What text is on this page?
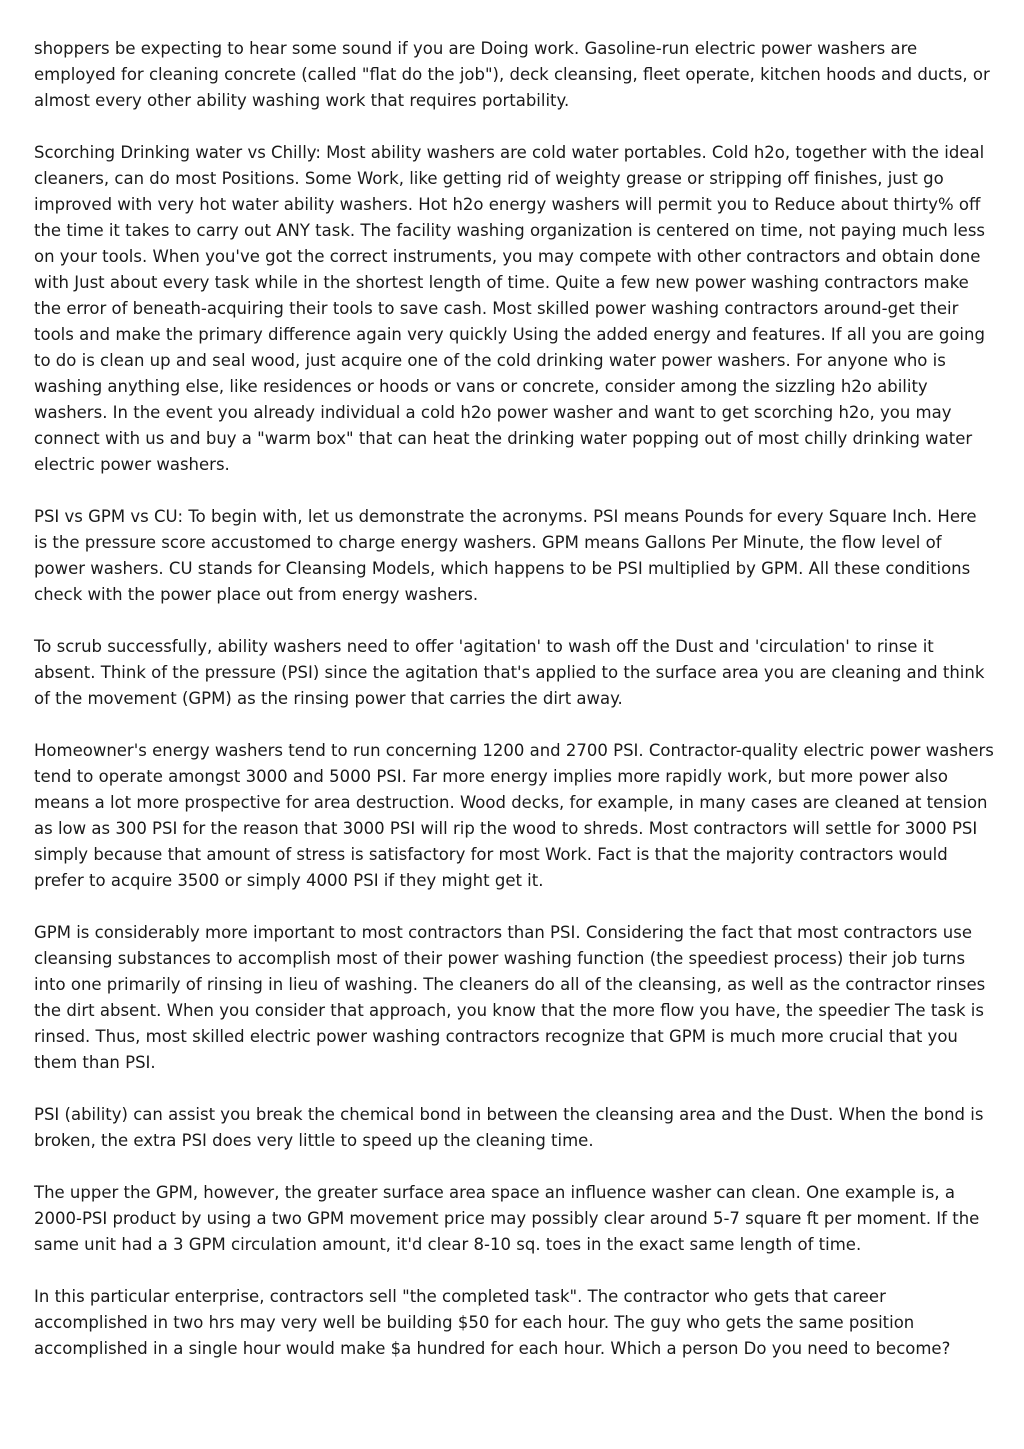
shoppers be expecting to hear some sound if you are Doing work. Gasoline-run electric power washers are employed for cleaning concrete (called "flat do the job"), deck cleansing, fleet operate, kitchen hoods and ducts, or almost every other ability washing work that requires portability.

Scorching Drinking water vs Chilly: Most ability washers are cold water portables. Cold h2o, together with the ideal cleaners, can do most Positions. Some Work, like getting rid of weighty grease or stripping off finishes, just go improved with very hot water ability washers. Hot h2o energy washers will permit you to Reduce about thirty% off the time it takes to carry out ANY task. The facility washing organization is centered on time, not paying much less on your tools. When you've got the correct instruments, you may compete with other contractors and obtain done with Just about every task while in the shortest length of time. Quite a few new power washing contractors make the error of beneath-acquiring their tools to save cash. Most skilled power washing contractors around-get their tools and make the primary difference again very quickly Using the added energy and features. If all you are going to do is clean up and seal wood, just acquire one of the cold drinking water power washers. For anyone who is washing anything else, like residences or hoods or vans or concrete, consider among the sizzling h2o ability washers. In the event you already individual a cold h2o power washer and want to get scorching h2o, you may connect with us and buy a "warm box" that can heat the drinking water popping out of most chilly drinking water electric power washers.

PSI vs GPM vs CU: To begin with, let us demonstrate the acronyms. PSI means Pounds for every Square Inch. Here is the pressure score accustomed to charge energy washers. GPM means Gallons Per Minute, the flow level of power washers. CU stands for Cleansing Models, which happens to be PSI multiplied by GPM. All these conditions check with the power place out from energy washers.

To scrub successfully, ability washers need to offer 'agitation' to wash off the Dust and 'circulation' to rinse it absent. Think of the pressure (PSI) since the agitation that's applied to the surface area you are cleaning and think of the movement (GPM) as the rinsing power that carries the dirt away.

Homeowner's energy washers tend to run concerning 1200 and 2700 PSI. Contractor-quality electric power washers tend to operate amongst 3000 and 5000 PSI. Far more energy implies more rapidly work, but more power also means a lot more prospective for area destruction. Wood decks, for example, in many cases are cleaned at tension as low as 300 PSI for the reason that 3000 PSI will rip the wood to shreds. Most contractors will settle for 3000 PSI simply because that amount of stress is satisfactory for most Work. Fact is that the majority contractors would prefer to acquire 3500 or simply 4000 PSI if they might get it.

GPM is considerably more important to most contractors than PSI. Considering the fact that most contractors use cleansing substances to accomplish most of their power washing function (the speediest process) their job turns into one primarily of rinsing in lieu of washing. The cleaners do all of the cleansing, as well as the contractor rinses the dirt absent. When you consider that approach, you know that the more flow you have, the speedier The task is rinsed. Thus, most skilled electric power washing contractors recognize that GPM is much more crucial that you them than PSI.

PSI (ability) can assist you break the chemical bond in between the cleansing area and the Dust. When the bond is broken, the extra PSI does very little to speed up the cleaning time.

The upper the GPM, however, the greater surface area space an influence washer can clean. One example is, a 2000-PSI product by using a two GPM movement price may possibly clear around 5-7 square ft per moment. If the same unit had a 3 GPM circulation amount, it'd clear 8-10 sq. toes in the exact same length of time.

In this particular enterprise, contractors sell "the completed task". The contractor who gets that career accomplished in two hrs may very well be building $50 for each hour. The guy who gets the same position accomplished in a single hour would make $a hundred for each hour. Which a person Do you need to become?
